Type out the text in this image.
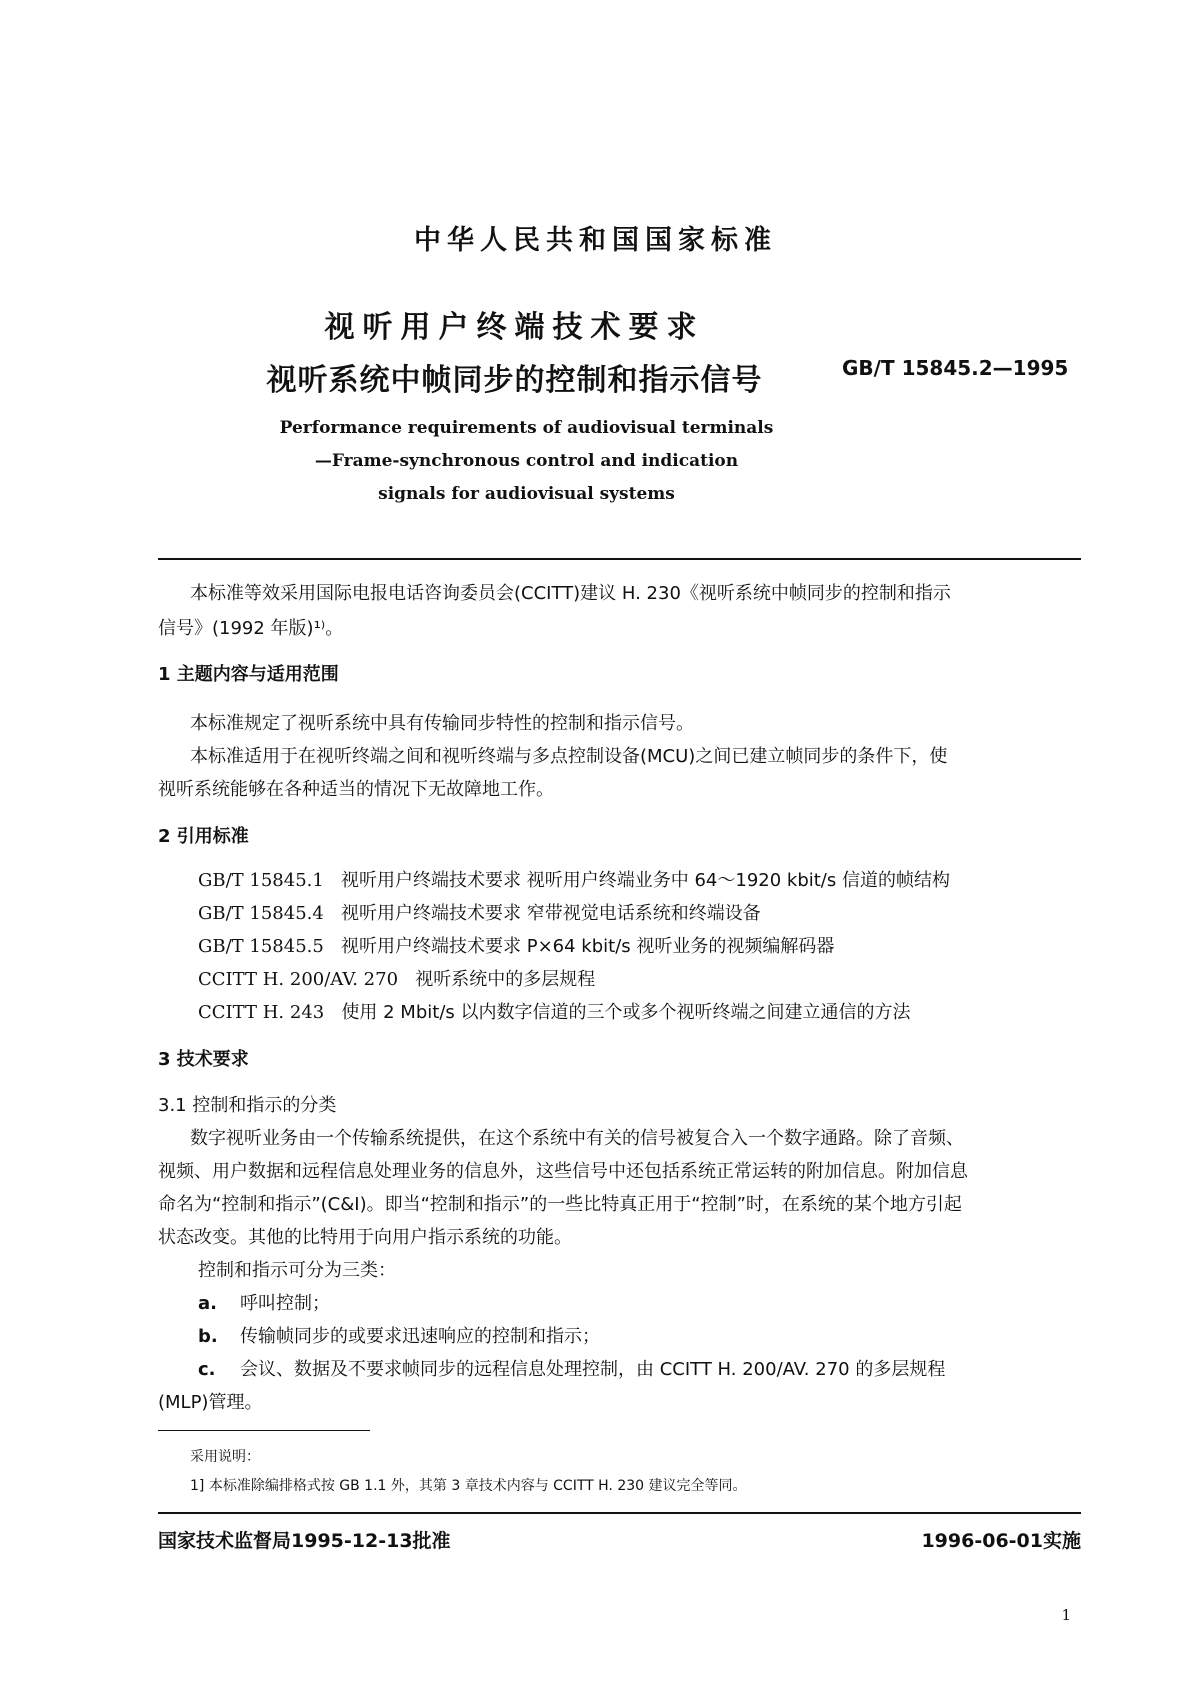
中华人民共和国国家标准
视听用户终端技术要求
视听系统中帧同步的控制和指示信号	GB/T 15845.2—1995
Performance requirements of audiovisual terminals
—Frame-synchronous control and indication
signals for audiovisual systems
本标准等效采用国际电报电话咨询委员会(CCITT)建议 H. 230《视听系统中帧同步的控制和指示
信号》(1992 年版)¹⁾。
1 主题内容与适用范围
本标准规定了视听系统中具有传输同步特性的控制和指示信号。
本标准适用于在视听终端之间和视听终端与多点控制设备(MCU)之间已建立帧同步的条件下，使
视听系统能够在各种适当的情况下无故障地工作。
2 引用标准
GB/T 15845.1 视听用户终端技术要求 视听用户终端业务中 64～1920 kbit/s 信道的帧结构
GB/T 15845.4 视听用户终端技术要求 窄带视觉电话系统和终端设备
GB/T 15845.5 视听用户终端技术要求 P×64 kbit/s 视听业务的视频编解码器
CCITT H. 200/AV. 270 视听系统中的多层规程
CCITT H. 243 使用 2 Mbit/s 以内数字信道的三个或多个视听终端之间建立通信的方法
3 技术要求
3.1 控制和指示的分类
数字视听业务由一个传输系统提供，在这个系统中有关的信号被复合入一个数字通路。除了音频、
视频、用户数据和远程信息处理业务的信息外，这些信号中还包括系统正常运转的附加信息。附加信息
命名为“控制和指示”(C&I)。即当“控制和指示”的一些比特真正用于“控制”时，在系统的某个地方引起
状态改变。其他的比特用于向用户指示系统的功能。
控制和指示可分为三类：
a. 呼叫控制；
b. 传输帧同步的或要求迅速响应的控制和指示；
c. 会议、数据及不要求帧同步的远程信息处理控制，由 CCITT H. 200/AV. 270 的多层规程
(MLP)管理。
采用说明：
1] 本标准除编排格式按 GB 1.1 外，其第 3 章技术内容与 CCITT H. 230 建议完全等同。
国家技术监督局1995-12-13批准	1996-06-01实施
1
